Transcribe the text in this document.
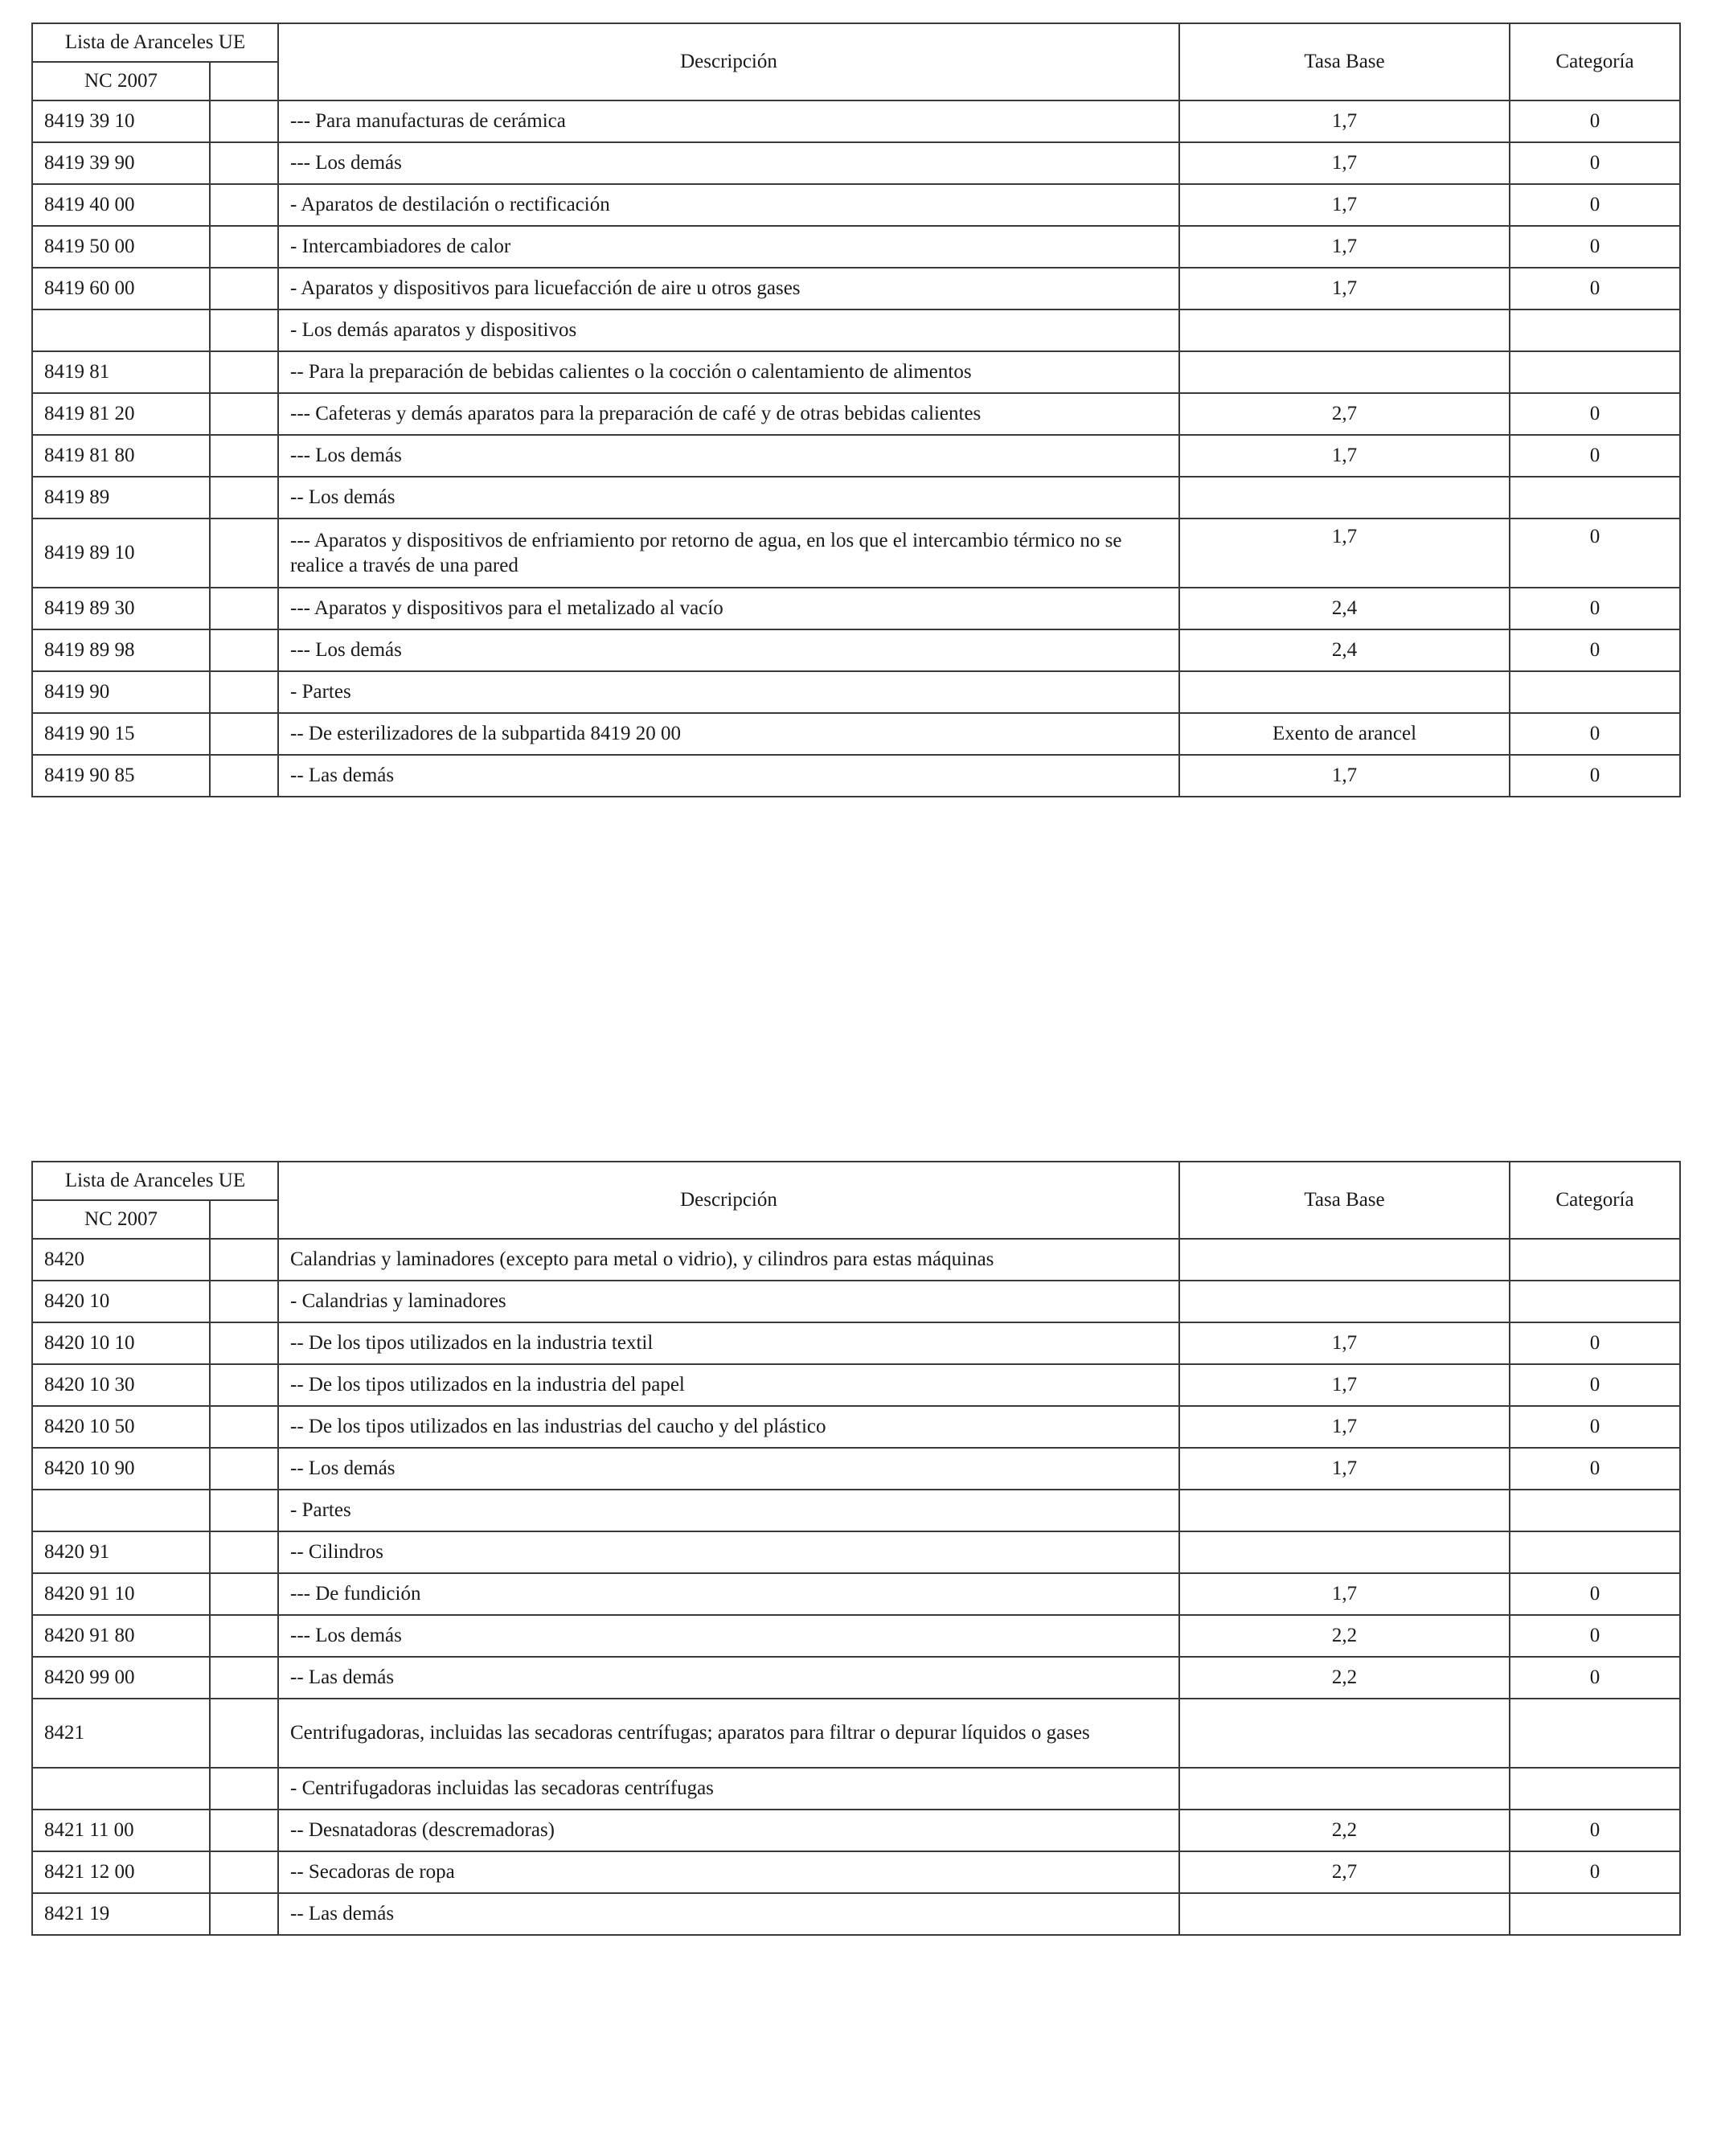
Lista de Aranceles UE		Descripción	Tasa Base	Categoría
NC 2007				
8419 39 10		--- Para manufacturas de cerámica	1,7	0
8419 39 90		--- Los demás	1,7	0
8419 40 00		- Aparatos de destilación o rectificación	1,7	0
8419 50 00		- Intercambiadores de calor	1,7	0
8419 60 00		- Aparatos y dispositivos para licuefacción de aire u otros gases	1,7	0
		- Los demás aparatos y dispositivos		
8419 81		-- Para la preparación de bebidas calientes o la cocción o calentamiento de alimentos		
8419 81 20		--- Cafeteras y demás aparatos para la preparación de café y de otras bebidas calientes	2,7	0
8419 81 80		--- Los demás	1,7	0
8419 89		-- Los demás		
8419 89 10		--- Aparatos y dispositivos de enfriamiento por retorno de agua, en los que el intercambio térmico no se realice a través de una pared	1,7	0
8419 89 30		--- Aparatos y dispositivos para el metalizado al vacío	2,4	0
8419 89 98		--- Los demás	2,4	0
8419 90		- Partes		
8419 90 15		-- De esterilizadores de la subpartida 8419 20 00	Exento de arancel	0
8419 90 85		-- Las demás	1,7	0
Lista de Aranceles UE		Descripción	Tasa Base	Categoría
NC 2007				
8420		Calandrias y laminadores (excepto para metal o vidrio), y cilindros para estas máquinas		
8420 10		- Calandrias y laminadores		
8420 10 10		-- De los tipos utilizados en la industria textil	1,7	0
8420 10 30		-- De los tipos utilizados en la industria del papel	1,7	0
8420 10 50		-- De los tipos utilizados en las industrias del caucho y del plástico	1,7	0
8420 10 90		-- Los demás	1,7	0
		- Partes		
8420 91		-- Cilindros		
8420 91 10		--- De fundición	1,7	0
8420 91 80		--- Los demás	2,2	0
8420 99 00		-- Las demás	2,2	0
8421		Centrifugadoras, incluidas las secadoras centrífugas; aparatos para filtrar o depurar líquidos o gases		
		- Centrifugadoras incluidas las secadoras centrífugas		
8421 11 00		-- Desnatadoras (descremadoras)	2,2	0
8421 12 00		-- Secadoras de ropa	2,7	0
8421 19		-- Las demás		
